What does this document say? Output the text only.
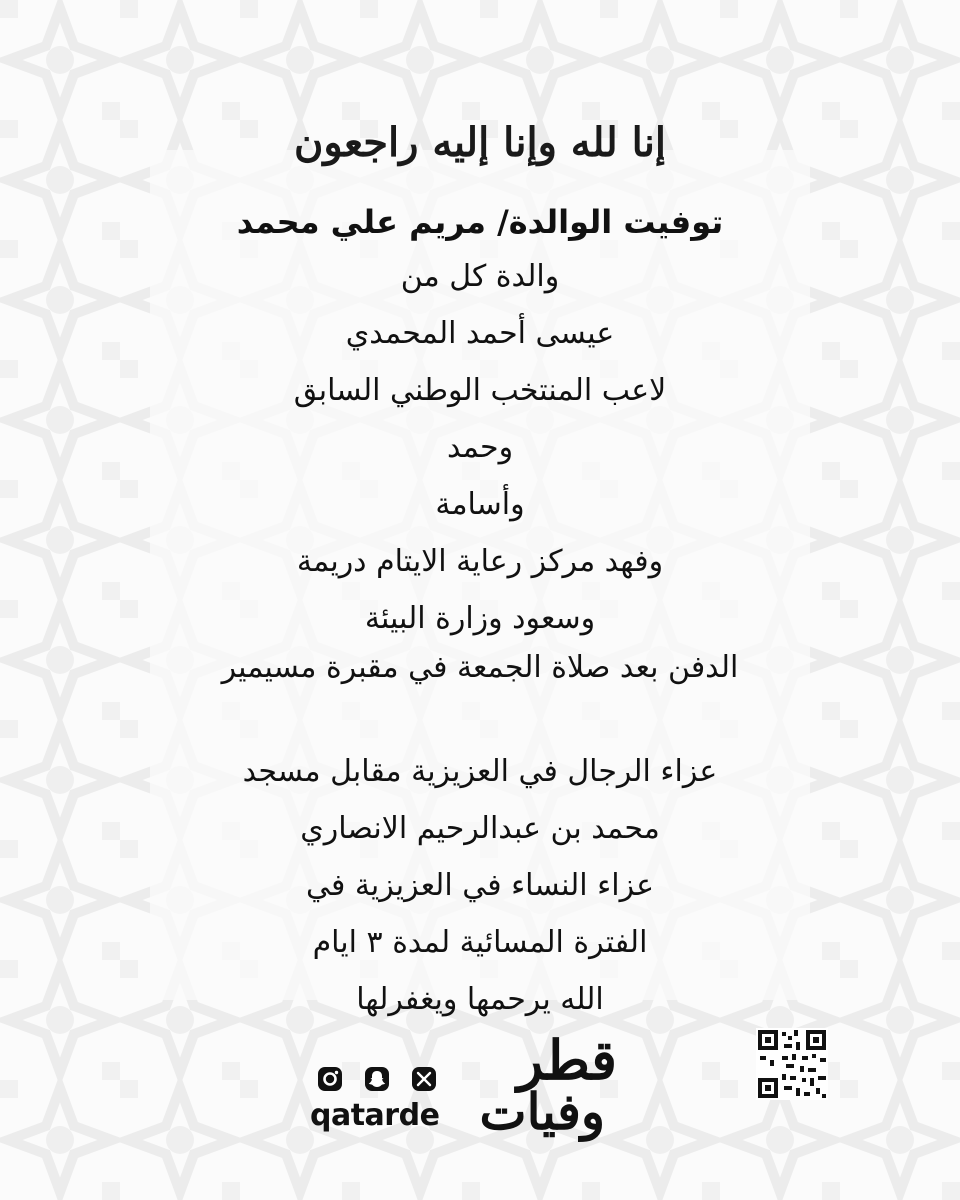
إنا لله وإنا إليه راجعون
توفيت الوالدة/ مريم علي محمد
والدة كل من
عيسى أحمد المحمدي
لاعب المنتخب الوطني السابق
وحمد
وأسامة
وفهد مركز رعاية الايتام دريمة
وسعود وزارة البيئة
الدفن بعد صلاة الجمعة في مقبرة مسيمير
عزاء الرجال في العزيزية مقابل مسجد
محمد بن عبدالرحيم الانصاري
عزاء النساء في العزيزية في
الفترة المسائية لمدة ٣ ايام
الله يرحمها ويغفرلها
قطر
وفيات
qatarde
